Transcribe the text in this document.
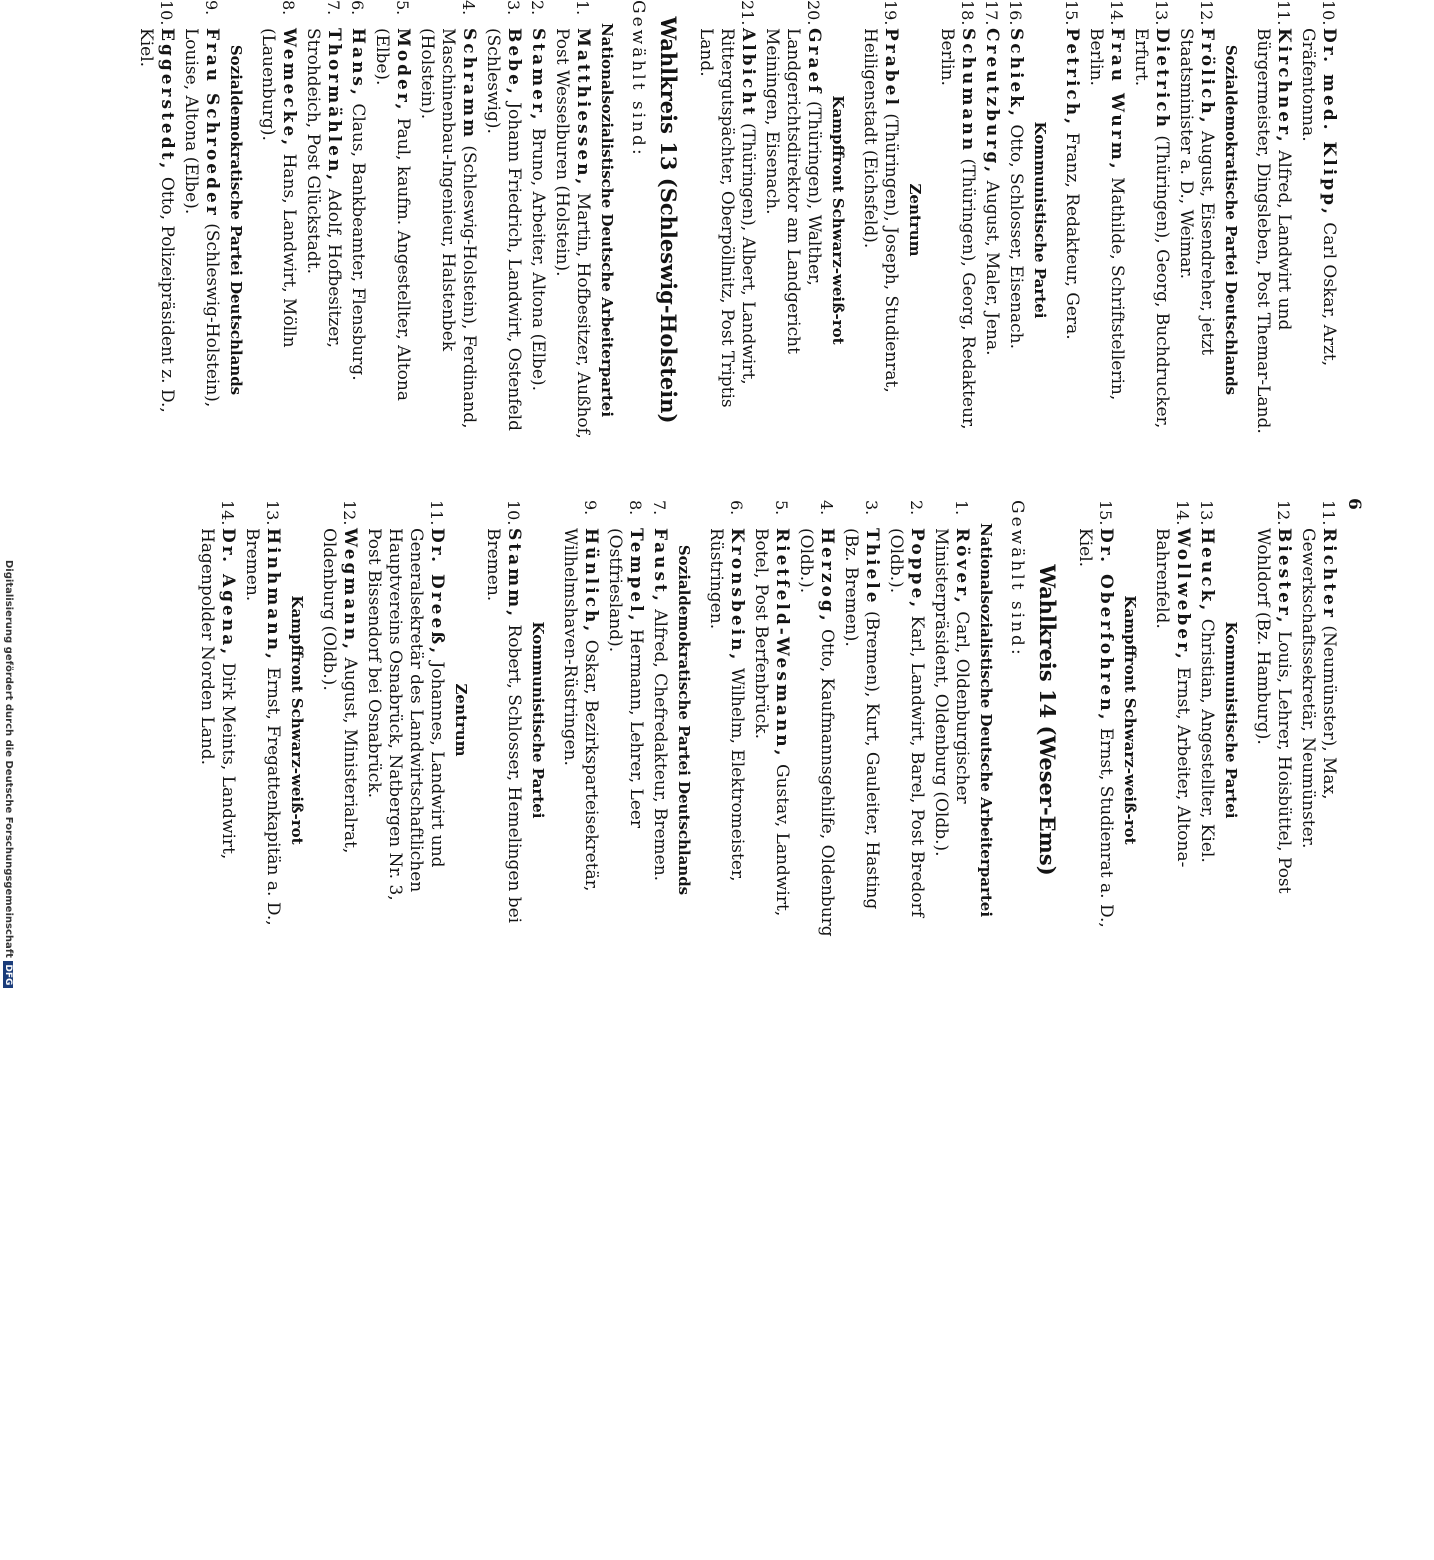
6
10.
Dr. med. Klipp, Carl Oskar, Arzt, Gräfentonna.
11.
Kirchner, Alfred, Landwirt und Bürgermeister, Dingsleben, Post Themar-Land.
Sozialdemokratische Partei Deutschlands
12.
Frölich, August, Eisendreher, jetzt Staatsminister a. D., Weimar.
13.
Dietrich (Thüringen), Georg, Buchdrucker, Erfurt.
14.
Frau Wurm, Mathilde, Schriftstellerin, Berlin.
15.
Petrich, Franz, Redakteur, Gera.
Kommunistische Partei
16.
Schiek, Otto, Schlosser, Eisenach.
17.
Creutzburg, August, Maler, Jena.
18.
Schumann (Thüringen), Georg, Redakteur, Berlin.
Zentrum
19.
Prabel (Thüringen), Joseph, Studienrat, Heiligenstadt (Eichsfeld).
Kampffront Schwarz-weiß-rot
20.
Graef (Thüringen), Walther, Landgerichtsdirektor am Landgericht Meiningen, Eisenach.
21.
Albicht (Thüringen), Albert, Landwirt, Rittergutspächter, Oberpöllnitz, Post Triptis Land.
Wahlkreis 13 (Schleswig-Holstein)
Gewählt sind:
Nationalsozialistische Deutsche Arbeiterpartei
1.
Matthiessen, Martin, Hofbesitzer, Außhof, Post Wesselburen (Holstein).
2.
Stamer, Bruno, Arbeiter, Altona (Elbe).
3.
Bebe, Johann Friedrich, Landwirt, Ostenfeld (Schleswig).
4.
Schramm (Schleswig-Holstein), Ferdinand, Maschinenbau-Ingenieur, Halstenbek (Holstein).
5.
Moder, Paul, kaufm. Angestellter, Altona (Elbe).
6.
Hans, Claus, Bankbeamter, Flensburg.
7.
Thormählen, Adolf, Hofbesitzer, Strohdeich, Post Glückstadt.
8.
Wemecke, Hans, Landwirt, Mölln (Lauenburg).
Sozialdemokratische Partei Deutschlands
9.
Frau Schroeder (Schleswig-Holstein), Louise, Altona (Elbe).
10.
Eggerstedt, Otto, Polizeipräsident z. D., Kiel.
11.
Richter (Neumünster), Max, Gewerkschaftssekretär, Neumünster.
12.
Biester, Louis, Lehrer, Hoisbüttel, Post Wohldorf (Bz. Hamburg).
Kommunistische Partei
13.
Heuck, Christian, Angestellter, Kiel.
14.
Wollweber, Ernst, Arbeiter, Altona-Bahrenfeld.
Kampffront Schwarz-weiß-rot
15.
Dr. Oberfohren, Ernst, Studienrat a. D., Kiel.
Wahlkreis 14 (Weser-Ems)
Gewählt sind:
Nationalsozialistische Deutsche Arbeiterpartei
1.
Röver, Carl, Oldenburgischer Ministerpräsident, Oldenburg (Oldb.).
2.
Poppe, Karl, Landwirt, Barel, Post Bredorf (Oldb.).
3.
Thiele (Bremen), Kurt, Gauleiter, Hasting (Bz. Bremen).
4.
Herzog, Otto, Kaufmannsgehilfe, Oldenburg (Oldb.).
5.
Rietfeld-Wesmann, Gustav, Landwirt, Botel, Post Berfenbrück.
6.
Kronsbein, Wilhelm, Elektromeister, Rüstringen.
Sozialdemokratische Partei Deutschlands
7.
Faust, Alfred, Chefredakteur, Bremen.
8.
Tempel, Hermann, Lehrer, Leer (Ostfriesland).
9.
Hünlich, Oskar, Bezirksparteisekretär, Wilhelmshaven-Rüstringen.
Kommunistische Partei
10.
Stamm, Robert, Schlosser, Hemelingen bei Bremen.
Zentrum
11.
Dr. Dreeß, Johannes, Landwirt und Generalsekretär des Landwirtschaftlichen Hauptvereins Osnabrück, Natbergen Nr. 3, Post Bissendorf bei Osnabrück.
12.
Wegmann, August, Ministerialrat, Oldenburg (Oldb.).
Kampffront Schwarz-weiß-rot
13.
Hinhmann, Ernst, Fregattenkapitän a. D., Bremen.
14.
Dr. Agena, Dirk Meints, Landwirt, Hagenpolder Norden Land.
Digitalisierung gefördert durch die Deutsche Forschungsgemeinschaft DFG
